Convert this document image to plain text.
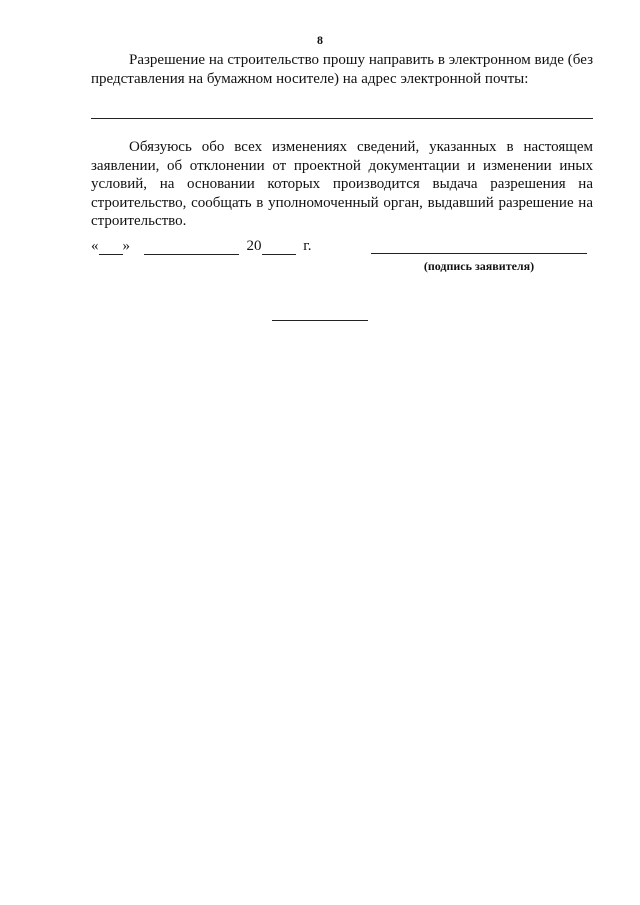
8
Разрешение на строительство прошу направить в электронном виде (без представления на бумажном носителе) на адрес электронной почты:
Обязуюсь обо всех изменениях сведений, указанных в настоящем заявлении, об отклонении от проектной документации и изменении иных условий, на основании которых производится выдача разрешения на строительство, сообщать в уполномоченный орган, выдавший разрешение на строительство.
« »	20	г.
(подпись заявителя)
